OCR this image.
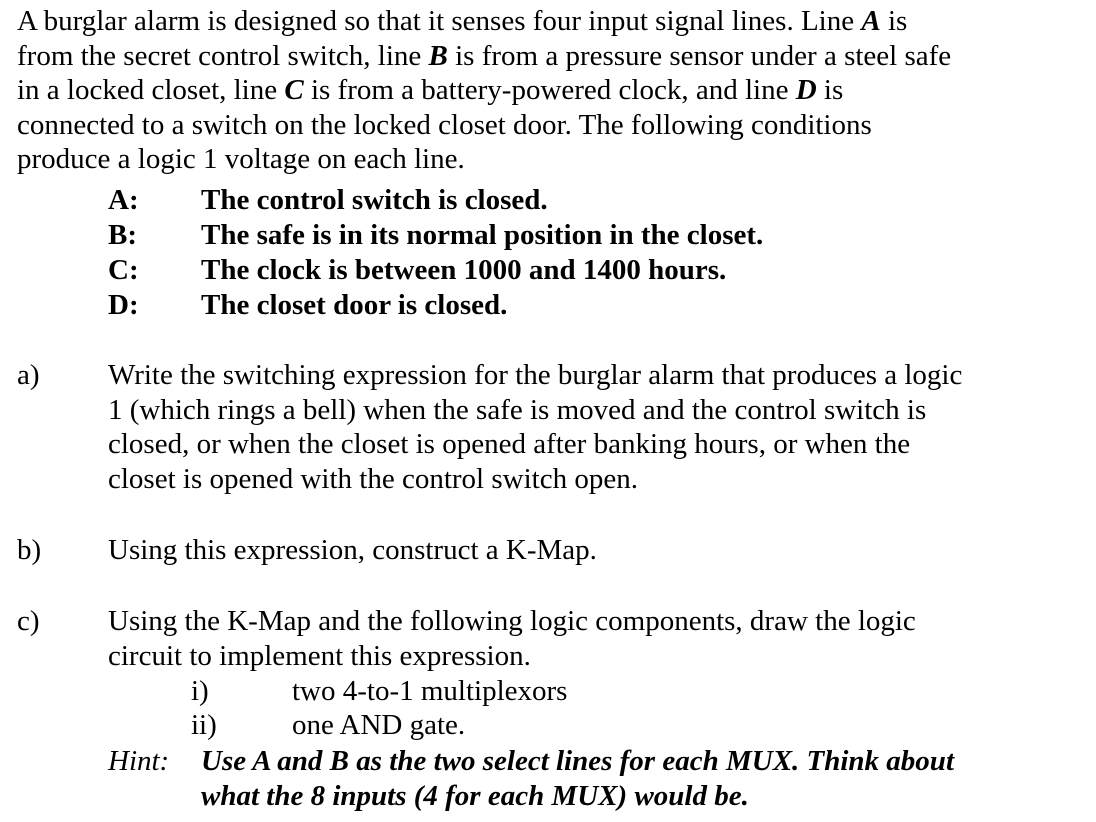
A burglar alarm is designed so that it senses four input signal lines. Line A is
from the secret control switch, line B is from a pressure sensor under a steel safe
in a locked closet, line C is from a battery-powered clock, and line D is
connected to a switch on the locked closet door. The following conditions
produce a logic 1 voltage on each line.

A: The control switch is closed.
B: The safe is in its normal position in the closet.
C: The clock is between 1000 and 1400 hours.
D: The closet door is closed.
a) Write the switching expression for the burglar alarm that produces a logic
1 (which rings a bell) when the safe is moved and the control switch is
closed, or when the closet is opened after banking hours, or when the
closet is opened with the control switch open.
b) Using this expression, construct a K-Map.
c) Using the K-Map and the following logic components, draw the logic
circuit to implement this expression.
i)	two 4-to-1 multiplexors
ii)	one AND gate.
Hint: Use A and B as the two select lines for each MUX. Think about
what the 8 inputs (4 for each MUX) would be.
